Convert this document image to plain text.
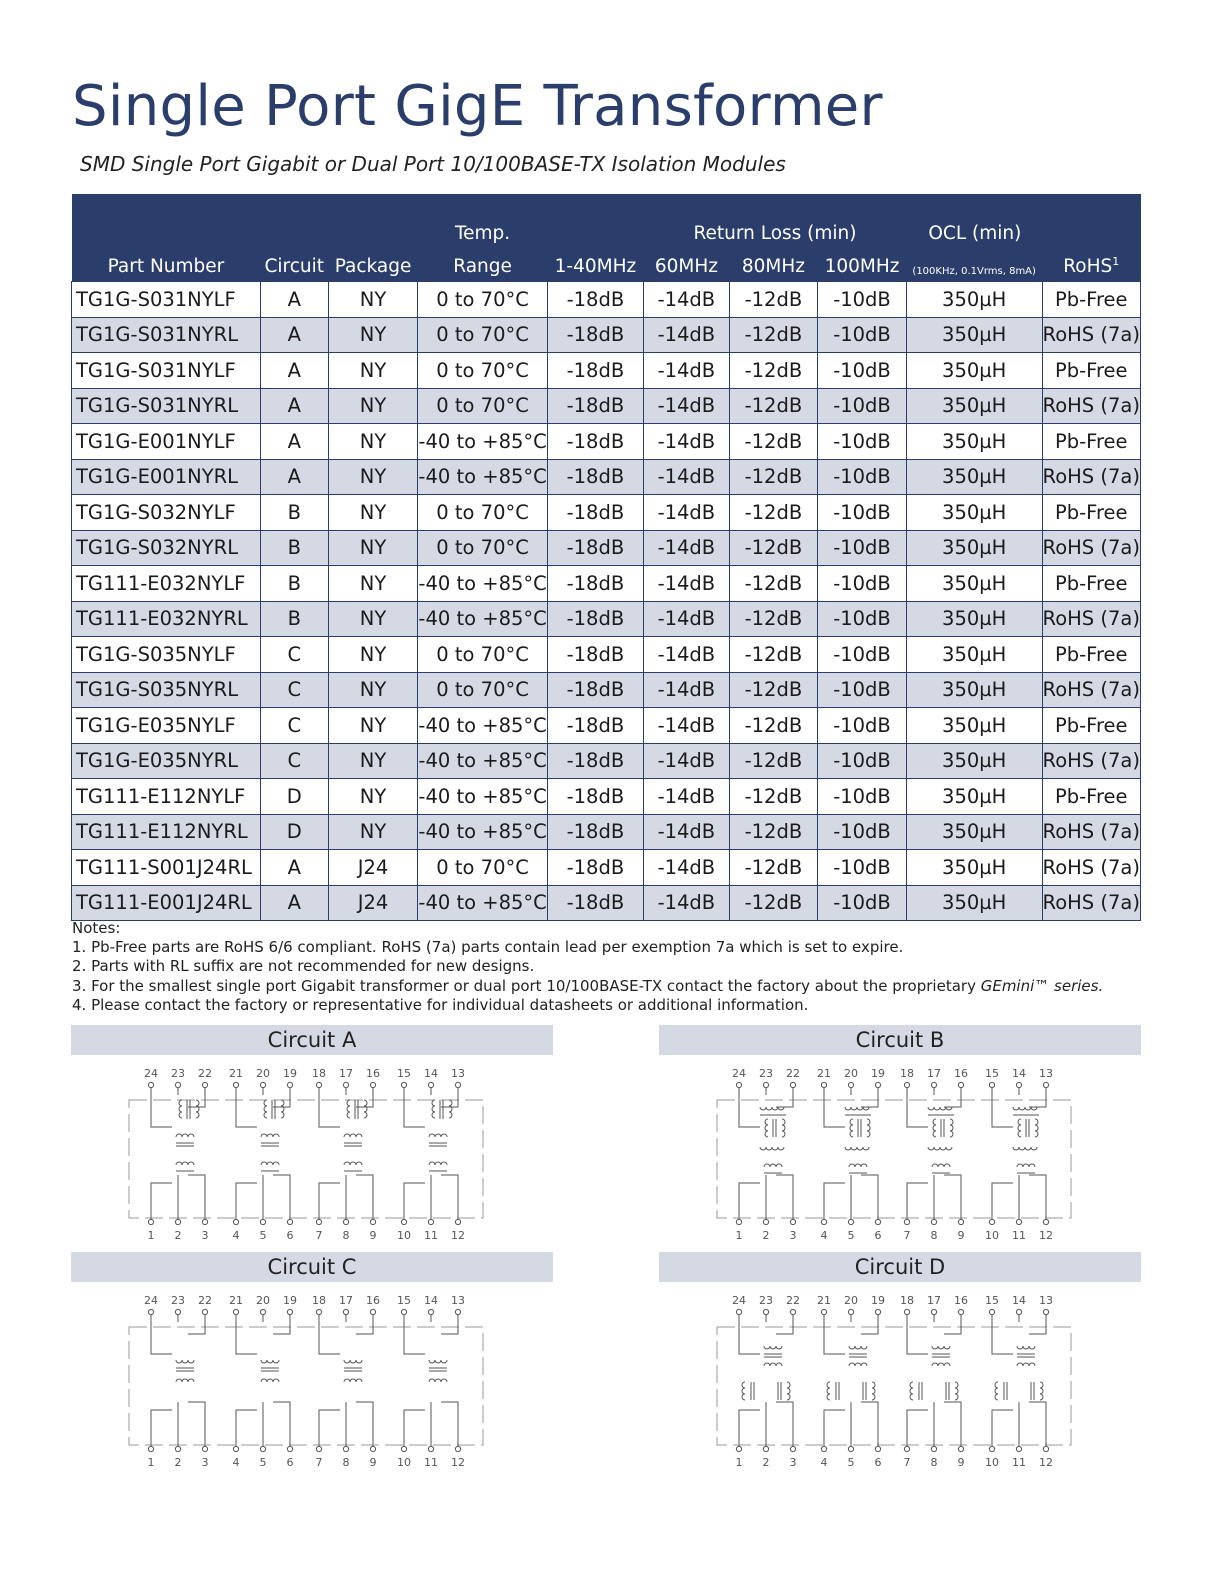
Single Port GigE Transformer
SMD Single Port Gigabit or Dual Port 10/100BASE-TX Isolation Modules
			Temp.		Return Loss (min)			OCL (min)	
Part Number	Circuit	Package	Range	1-40MHz	60MHz	80MHz	100MHz	(100KHz, 0.1Vrms, 8mA)	RoHS$^1$
TG1G-S031NYLF	A	NY	0 to 70°C	-18dB	-14dB	-12dB	-10dB	350µH	Pb-Free
TG1G-S031NYRL	A	NY	0 to 70°C	-18dB	-14dB	-12dB	-10dB	350µH	RoHS (7a)
TG1G-S031NYLF	A	NY	0 to 70°C	-18dB	-14dB	-12dB	-10dB	350µH	Pb-Free
TG1G-S031NYRL	A	NY	0 to 70°C	-18dB	-14dB	-12dB	-10dB	350µH	RoHS (7a)
TG1G-E001NYLF	A	NY	-40 to +85°C	-18dB	-14dB	-12dB	-10dB	350µH	Pb-Free
TG1G-E001NYRL	A	NY	-40 to +85°C	-18dB	-14dB	-12dB	-10dB	350µH	RoHS (7a)
TG1G-S032NYLF	B	NY	0 to 70°C	-18dB	-14dB	-12dB	-10dB	350µH	Pb-Free
TG1G-S032NYRL	B	NY	0 to 70°C	-18dB	-14dB	-12dB	-10dB	350µH	RoHS (7a)
TG111-E032NYLF	B	NY	-40 to +85°C	-18dB	-14dB	-12dB	-10dB	350µH	Pb-Free
TG111-E032NYRL	B	NY	-40 to +85°C	-18dB	-14dB	-12dB	-10dB	350µH	RoHS (7a)
TG1G-S035NYLF	C	NY	0 to 70°C	-18dB	-14dB	-12dB	-10dB	350µH	Pb-Free
TG1G-S035NYRL	C	NY	0 to 70°C	-18dB	-14dB	-12dB	-10dB	350µH	RoHS (7a)
TG1G-E035NYLF	C	NY	-40 to +85°C	-18dB	-14dB	-12dB	-10dB	350µH	Pb-Free
TG1G-E035NYRL	C	NY	-40 to +85°C	-18dB	-14dB	-12dB	-10dB	350µH	RoHS (7a)
TG111-E112NYLF	D	NY	-40 to +85°C	-18dB	-14dB	-12dB	-10dB	350µH	Pb-Free
TG111-E112NYRL	D	NY	-40 to +85°C	-18dB	-14dB	-12dB	-10dB	350µH	RoHS (7a)
TG111-S001J24RL	A	J24	0 to 70°C	-18dB	-14dB	-12dB	-10dB	350µH	RoHS (7a)
TG111-E001J24RL	A	J24	-40 to +85°C	-18dB	-14dB	-12dB	-10dB	350µH	RoHS (7a)
Notes:
1. Pb-Free parts are RoHS 6/6 compliant. RoHS (7a) parts contain lead per exemption 7a which is set to expire.
2. Parts with RL suffix are not recommended for new designs.
3. For the smallest single port Gigabit transformer or dual port 10/100BASE-TX contact the factory about the proprietary GEmini™ series.
4. Please contact the factory or representative for individual datasheets or additional information.
Circuit A
24
1
23
2
22
3
21
4
20
5
19
6
18
7
17
8
16
9
15
10
14
11
13
12
Circuit B
24
1
23
2
22
3
21
4
20
5
19
6
18
7
17
8
16
9
15
10
14
11
13
12
Circuit C
24
1
23
2
22
3
21
4
20
5
19
6
18
7
17
8
16
9
15
10
14
11
13
12
Circuit D
24
1
23
2
22
3
21
4
20
5
19
6
18
7
17
8
16
9
15
10
14
11
13
12
